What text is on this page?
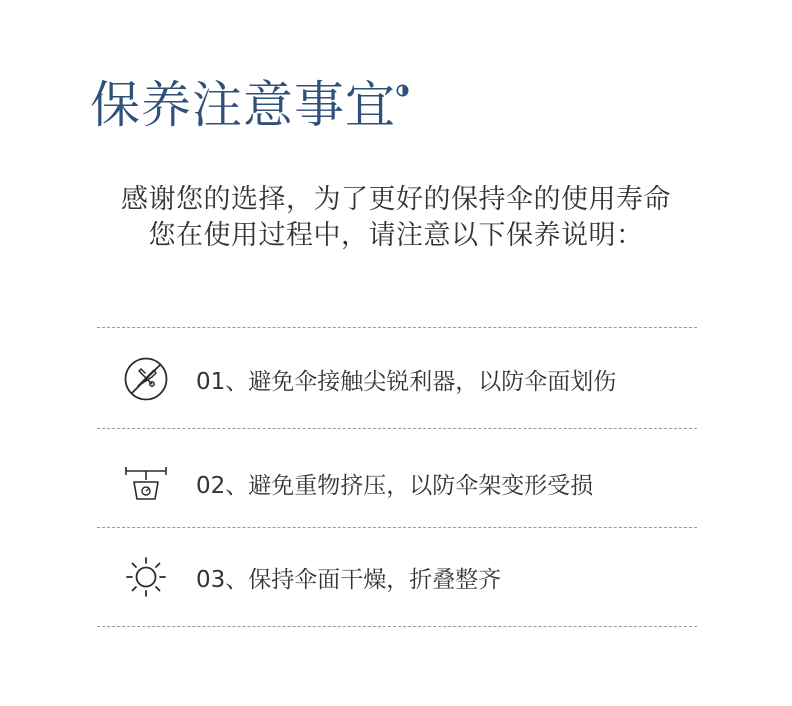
保养注意事宜
感谢您的选择，为了更好的保持伞的使用寿命
您在使用过程中，请注意以下保养说明：
01、避免伞接触尖锐利器，以防伞面划伤
02、避免重物挤压，以防伞架变形受损
03、保持伞面干燥，折叠整齐
